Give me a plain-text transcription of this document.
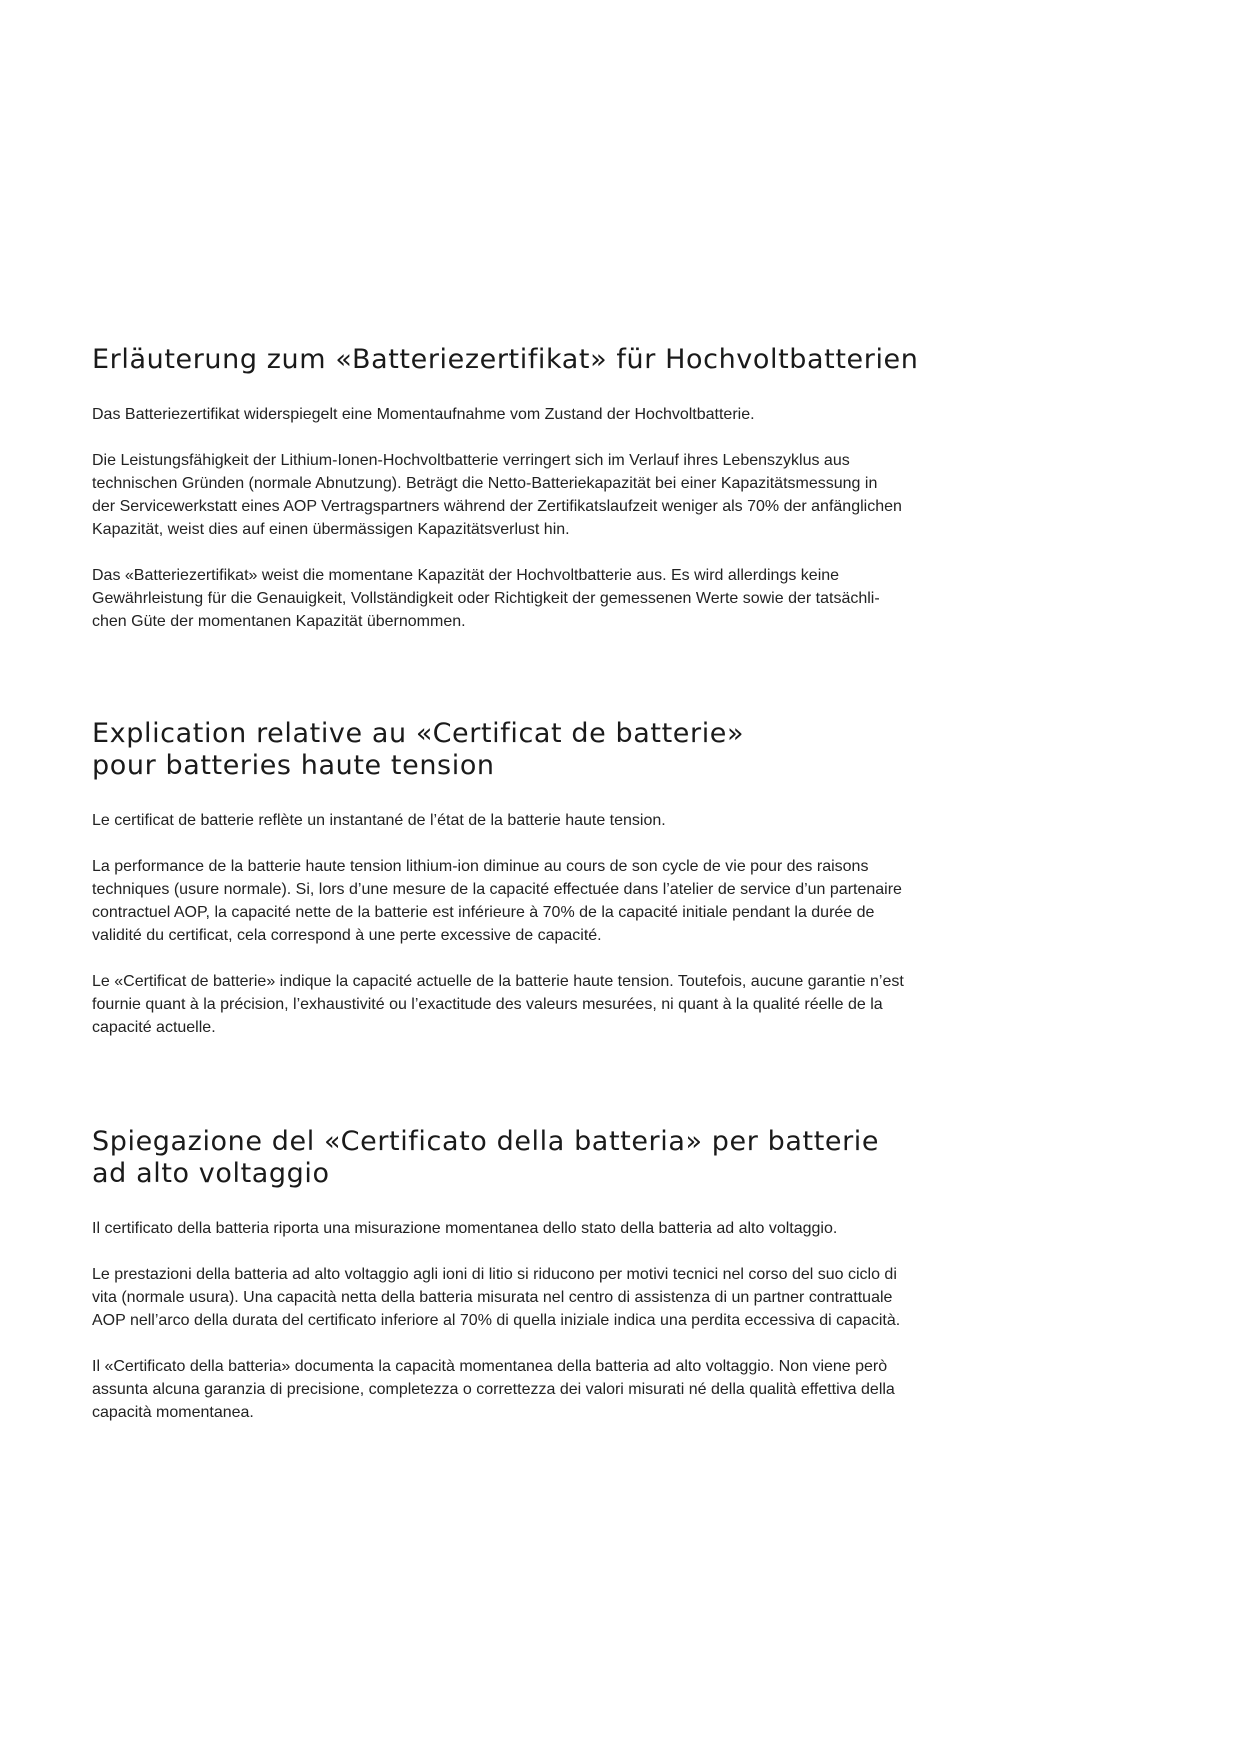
Erläuterung zum «Batteriezertifikat» für Hochvoltbatterien

Das Batteriezertifikat widerspiegelt eine Momentaufnahme vom Zustand der Hochvoltbatterie.

Die Leistungsfähigkeit der Lithium-Ionen-Hochvoltbatterie verringert sich im Verlauf ihres Lebenszyklus aus
technischen Gründen (normale Abnutzung). Beträgt die Netto-Batteriekapazität bei einer Kapazitätsmessung in
der Servicewerkstatt eines AOP Vertragspartners während der Zertifikatslaufzeit weniger als 70% der anfänglichen
Kapazität, weist dies auf einen übermässigen Kapazitätsverlust hin.

Das «Batteriezertifikat» weist die momentane Kapazität der Hochvoltbatterie aus. Es wird allerdings keine
Gewährleistung für die Genauigkeit, Vollständigkeit oder Richtigkeit der gemessenen Werte sowie der tatsächli-
chen Güte der momentanen Kapazität übernommen.

Explication relative au «Certificat de batterie»
pour batteries haute tension

Le certificat de batterie reflète un instantané de l’état de la batterie haute tension.

La performance de la batterie haute tension lithium-ion diminue au cours de son cycle de vie pour des raisons
techniques (usure normale). Si, lors d’une mesure de la capacité effectuée dans l’atelier de service d’un partenaire
contractuel AOP, la capacité nette de la batterie est inférieure à 70% de la capacité initiale pendant la durée de
validité du certificat, cela correspond à une perte excessive de capacité.

Le «Certificat de batterie» indique la capacité actuelle de la batterie haute tension. Toutefois, aucune garantie n’est
fournie quant à la précision, l’exhaustivité ou l’exactitude des valeurs mesurées, ni quant à la qualité réelle de la
capacité actuelle.

Spiegazione del «Certificato della batteria» per batterie
ad alto voltaggio

Il certificato della batteria riporta una misurazione momentanea dello stato della batteria ad alto voltaggio.

Le prestazioni della batteria ad alto voltaggio agli ioni di litio si riducono per motivi tecnici nel corso del suo ciclo di
vita (normale usura). Una capacità netta della batteria misurata nel centro di assistenza di un partner contrattuale
AOP nell’arco della durata del certificato inferiore al 70% di quella iniziale indica una perdita eccessiva di capacità.

Il «Certificato della batteria» documenta la capacità momentanea della batteria ad alto voltaggio. Non viene però
assunta alcuna garanzia di precisione, completezza o correttezza dei valori misurati né della qualità effettiva della
capacità momentanea.
